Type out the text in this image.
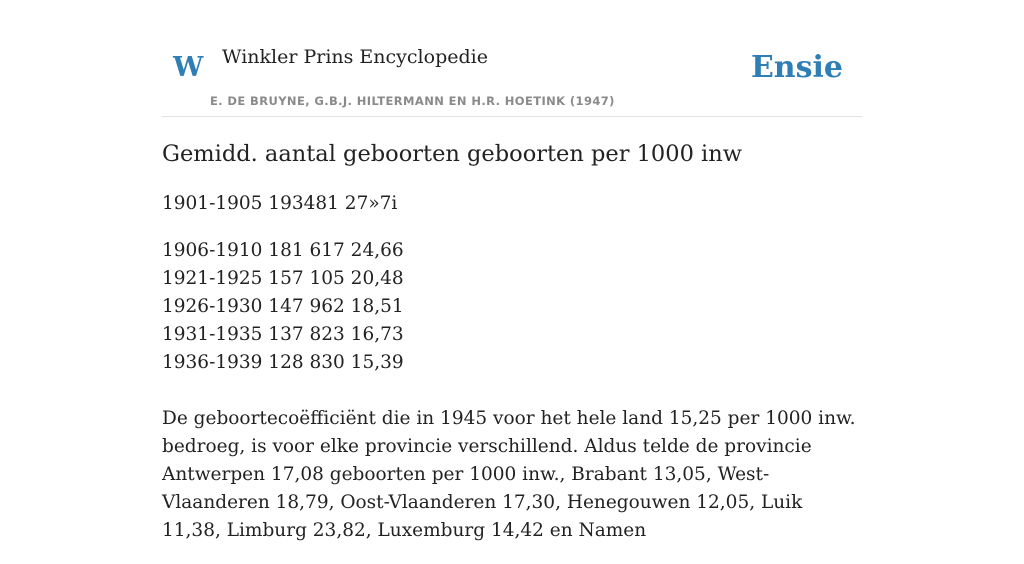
W Winkler Prins Encyclopedie
E. DE BRUYNE, G.B.J. HILTERMANN EN H.R. HOETINK (1947)
Ensie
Gemidd. aantal geboorten geboorten per 1000 inw
1901-1905 193481 27»7i
1906-1910 181 617 24,66
1921-1925 157 105 20,48
1926-1930 147 962 18,51
1931-1935 137 823 16,73
1936-1939 128 830 15,39

De geboortecoëfficiënt die in 1945 voor het hele land 15,25 per 1000 inw. bedroeg, is voor elke provincie verschillend. Aldus telde de provincie Antwerpen 17,08 geboorten per 1000 inw., Brabant 13,05, West-Vlaanderen 18,79, Oost-Vlaanderen 17,30, Henegouwen 12,05, Luik 11,38, Limburg 23,82, Luxemburg 14,42 en Namen
